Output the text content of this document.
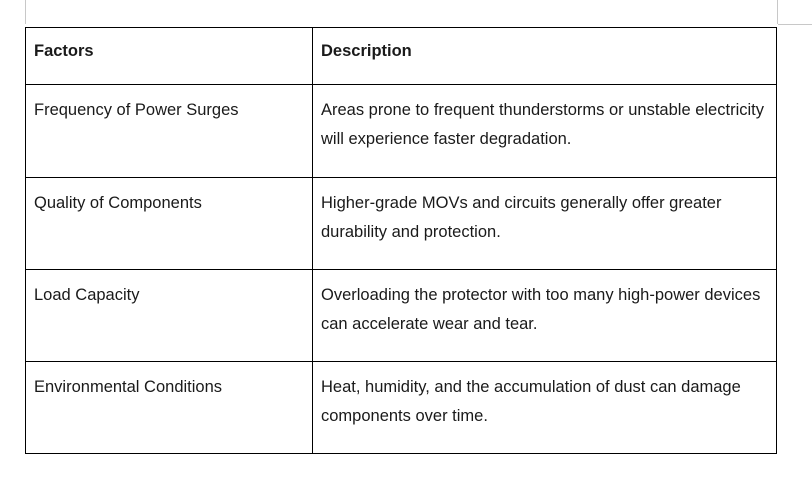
Factors	Description
Frequency of Power Surges	Areas prone to frequent thunderstorms or unstable electricity will experience faster degradation.
Quality of Components	Higher-grade MOVs and circuits generally offer greater durability and protection.
Load Capacity	Overloading the protector with too many high-power devices can accelerate wear and tear.
Environmental Conditions	Heat, humidity, and the accumulation of dust can damage components over time.
